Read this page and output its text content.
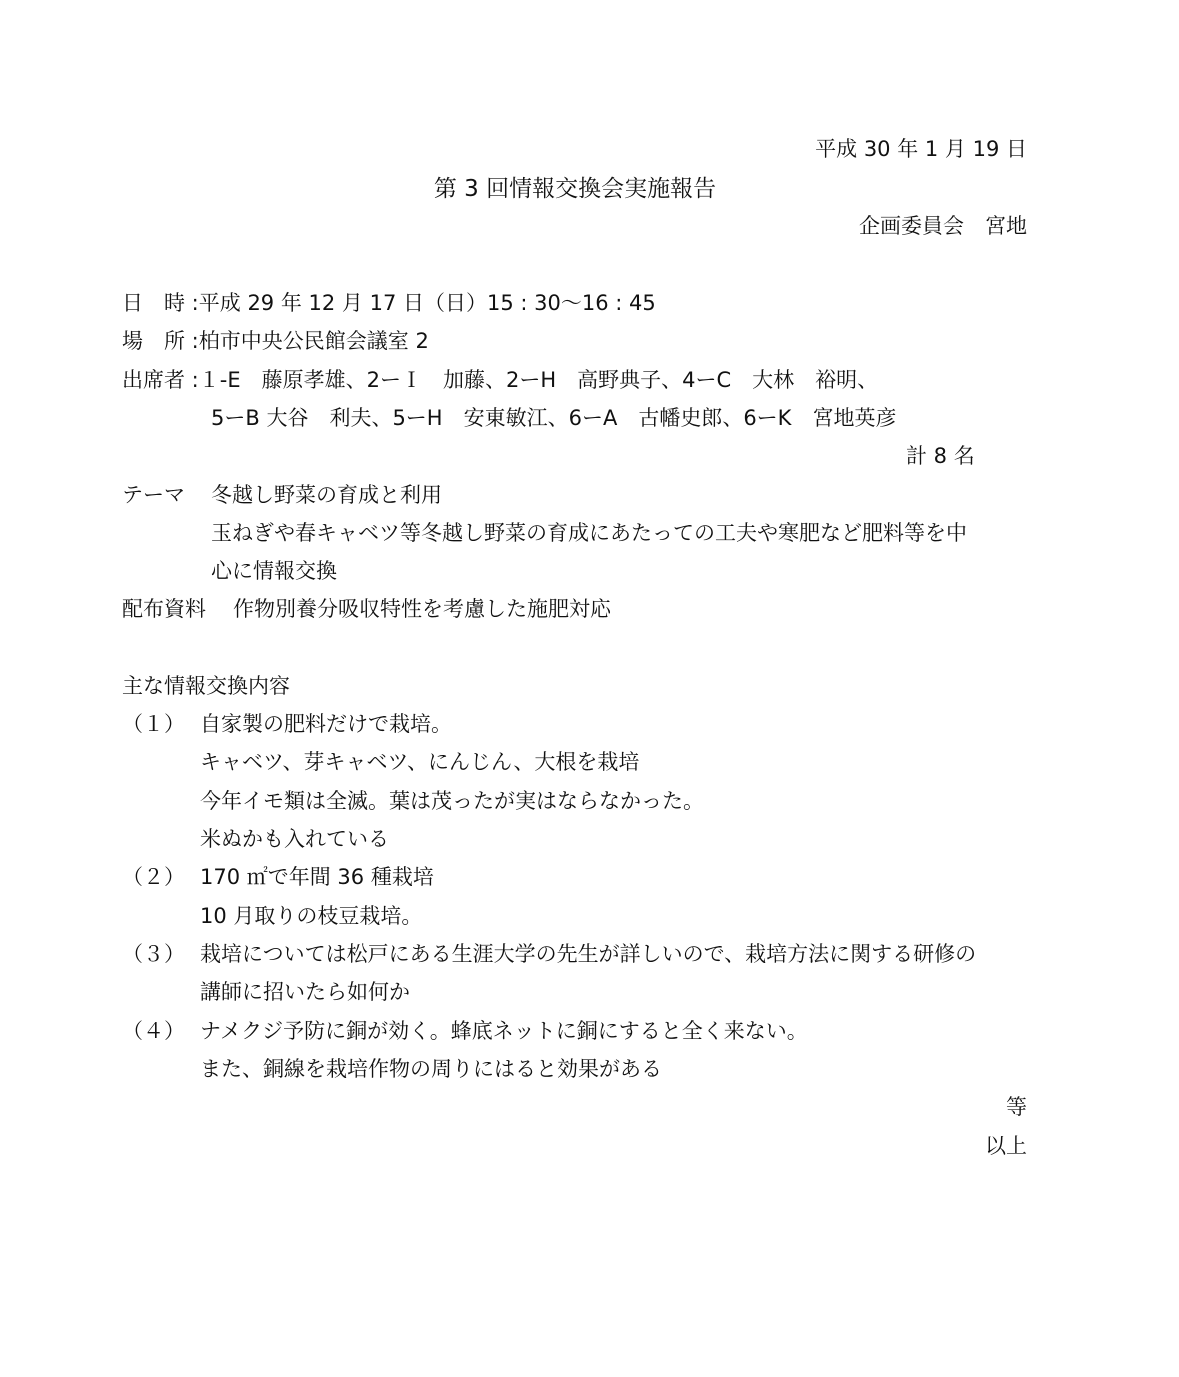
平成 30 年 1 月 19 日
第 3 回情報交換会実施報告
企画委員会　宮地
日　時 :平成 29 年 12 月 17 日（日）15 : 30～16 : 45
場　所 :柏市中央公民館会議室 2
出席者 :１-E　藤原孝雄、2ーＩ　加藤、2ーH　高野典子、4ーC　大林　裕明、
5ーB 大谷　利夫、5ーH　安東敏江、6ーA　古幡史郎、6ーK　宮地英彦
計 8 名
テーマ 冬越し野菜の育成と利用
玉ねぎや春キャベツ等冬越し野菜の育成にあたっての工夫や寒肥など肥料等を中
心に情報交換
配布資料 作物別養分吸収特性を考慮した施肥対応
主な情報交換内容
（１） 自家製の肥料だけで栽培。
キャベツ、芽キャベツ、にんじん、大根を栽培
今年イモ類は全滅。葉は茂ったが実はならなかった。
米ぬかも入れている
（２） 170 ㎡で年間 36 種栽培
10 月取りの枝豆栽培。
（３） 栽培については松戸にある生涯大学の先生が詳しいので、栽培方法に関する研修の
講師に招いたら如何か
（４） ナメクジ予防に銅が効く。蜂底ネットに銅にすると全く来ない。
また、銅線を栽培作物の周りにはると効果がある
等
以上
